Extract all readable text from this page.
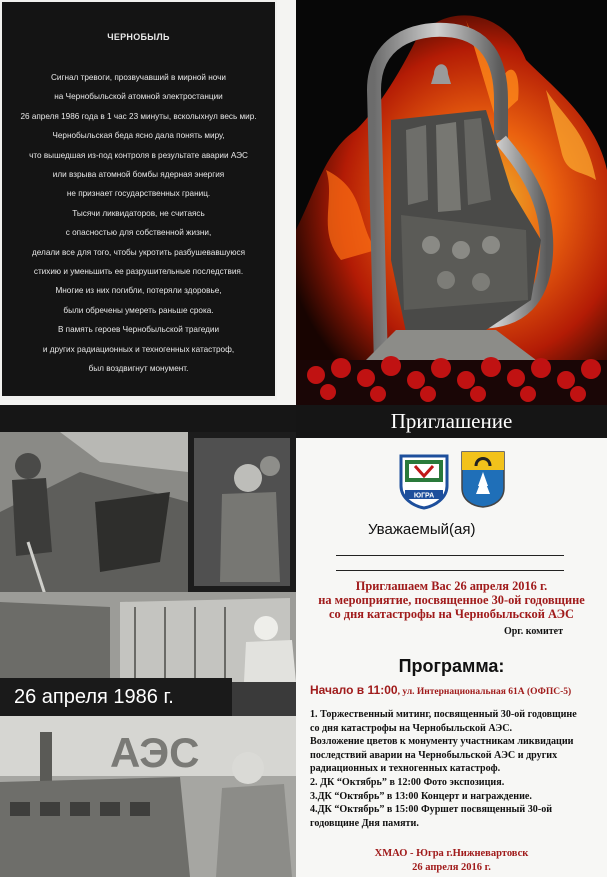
ЧЕРНОБЫЛЬ
Сигнал тревоги, прозвучавший в мирной ночи
на Чернобыльской атомной электростанции
26 апреля 1986 года в 1 час 23 минуты, всколыхнул весь мир.
Чернобыльская беда ясно дала понять миру,
что вышедшая из-под контроля в результате аварии АЭС
или взрыва атомной бомбы ядерная энергия
не признает государственных границ.
Тысячи ликвидаторов, не считаясь
с опасностью для собственной жизни,
делали все для того, чтобы укротить разбушевавшуюся
стихию и уменьшить ее разрушительные последствия.
Многие из них погибли, потеряли здоровье,
были обречены умереть раньше срока.
В память героев Чернобыльской трагедии
и других радиационных и техногенных катастроф,
был воздвигнут монумент.
Приглашение
АЭС
26 апреля 1986 г.
ЮГРА
Уважаемый(ая)
Приглашаем Вас 26 апреля 2016 г.
на мероприятие, посвященное 30-ой годовщине
со дня катастрофы на Чернобыльской АЭС
Орг. комитет
Программа:
Начало в 11:00, ул. Интернациональная 61А (ОФПС-5)
1. Торжественный митинг, посвященный 30-ой годовщине
со дня катастрофы на Чернобыльской АЭС.
Возложение цветов к монументу участникам ликвидации
последствий аварии на Чернобыльской АЭС и других
радиационных и техногенных катастроф.
2. ДК “Октябрь” в 12:00 Фото экспозиция.
3.ДК “Октябрь” в 13:00 Концерт и награждение.
4.ДК “Октябрь” в 15:00 Фуршет посвященный 30-ой
годовщине Дня памяти.
ХМАО - Югра г.Нижневартовск
26 апреля 2016 г.
